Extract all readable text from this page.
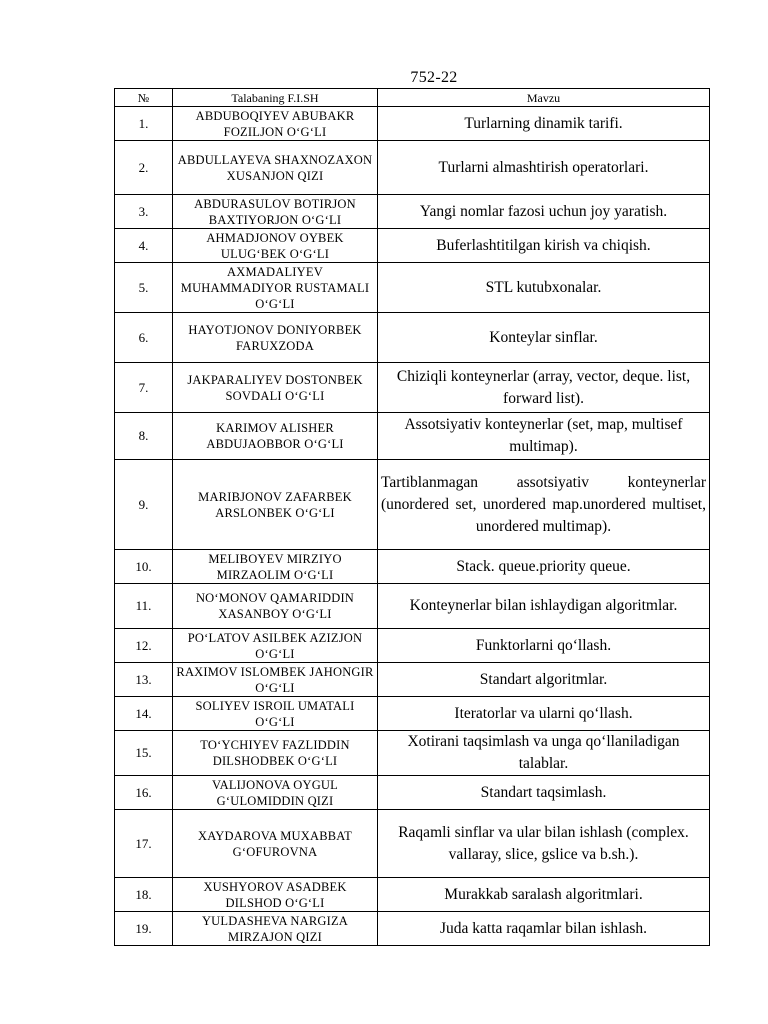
752-22
№	Talabaning F.I.SH	Mavzu
1.	ABDUBOQIYEV ABUBAKR FOZILJON O‘G‘LI	Turlarning dinamik tarifi.
2.	ABDULLAYEVA SHAXNOZAXON XUSANJON QIZI	Turlarni almashtirish operatorlari.
3.	ABDURASULOV BOTIRJON BAXTIYORJON O‘G‘LI	Yangi nomlar fazosi uchun joy yaratish.
4.	AHMADJONOV OYBEK ULUG‘BEK O‘G‘LI	Buferlashtitilgan kirish va chiqish.
5.	AXMADALIYEV MUHAMMADIYOR RUSTAMALI O‘G‘LI	STL kutubxonalar.
6.	HAYOTJONOV DONIYORBEK FARUXZODA	Konteylar sinflar.
7.	JAKPARALIYEV DOSTONBEK SOVDALI O‘G‘LI	Chiziqli konteynerlar (array, vector, deque. list, forward list).
8.	KARIMOV ALISHER ABDUJAOBBOR O‘G‘LI	Assotsiyativ konteynerlar (set, map, multisef multimap).
9.	MARIBJONOV ZAFARBEK ARSLONBEK O‘G‘LI	Tartiblanmagan assotsiyativ konteynerlar (unordered set, unordered map.unordered multiset, unordered multimap).
10.	MELIBOYEV MIRZIYO MIRZAOLIM O‘G‘LI	Stack. queue.priority queue.
11.	NO‘MONOV QAMARIDDIN XASANBOY O‘G‘LI	Konteynerlar bilan ishlaydigan algoritmlar.
12.	PO‘LATOV ASILBEK AZIZJON O‘G‘LI	Funktorlarni qo‘llash.
13.	RAXIMOV ISLOMBEK JAHONGIR O‘G‘LI	Standart algoritmlar.
14.	SOLIYEV ISROIL UMATALI O‘G‘LI	Iteratorlar va ularni qo‘llash.
15.	TO‘YCHIYEV FAZLIDDIN DILSHODBEK O‘G‘LI	Xotirani taqsimlash va unga qo‘llaniladigan talablar.
16.	VALIJONOVA OYGUL G‘ULOMIDDIN QIZI	Standart taqsimlash.
17.	XAYDAROVA MUXABBAT G‘OFUROVNA	Raqamli sinflar va ular bilan ishlash (complex. vallaray, slice, gslice va b.sh.).
18.	XUSHYOROV ASADBEK DILSHOD O‘G‘LI	Murakkab saralash algoritmlari.
19.	YULDASHEVA NARGIZA MIRZAJON QIZI	Juda katta raqamlar bilan ishlash.
